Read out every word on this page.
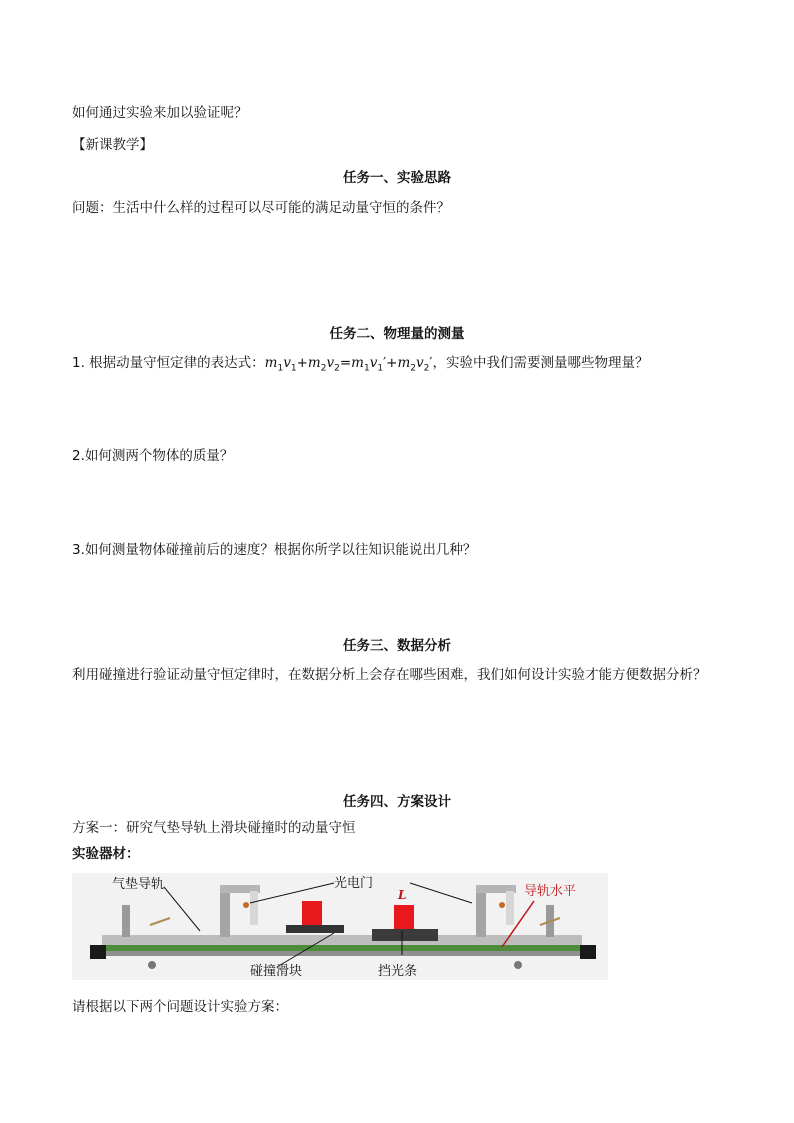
如何通过实验来加以验证呢？
【新课教学】
任务一、实验思路
问题：生活中什么样的过程可以尽可能的满足动量守恒的条件？
任务二、物理量的测量
1. 根据动量守恒定律的表达式：$m_1v_1+m_2v_2=m_1v_1'+m_2v_2'$，实验中我们需要测量哪些物理量？
2.如何测两个物体的质量？
3.如何测量物体碰撞前后的速度？根据你所学以往知识能说出几种？
任务三、数据分析
利用碰撞进行验证动量守恒定律时，在数据分析上会存在哪些困难，我们如何设计实验才能方便数据分析？
任务四、方案设计
方案一：研究气垫导轨上滑块碰撞时的动量守恒
实验器材：
气垫导轨	光电门
L	导轨水平
碰撞滑块	挡光条
请根据以下两个问题设计实验方案：
